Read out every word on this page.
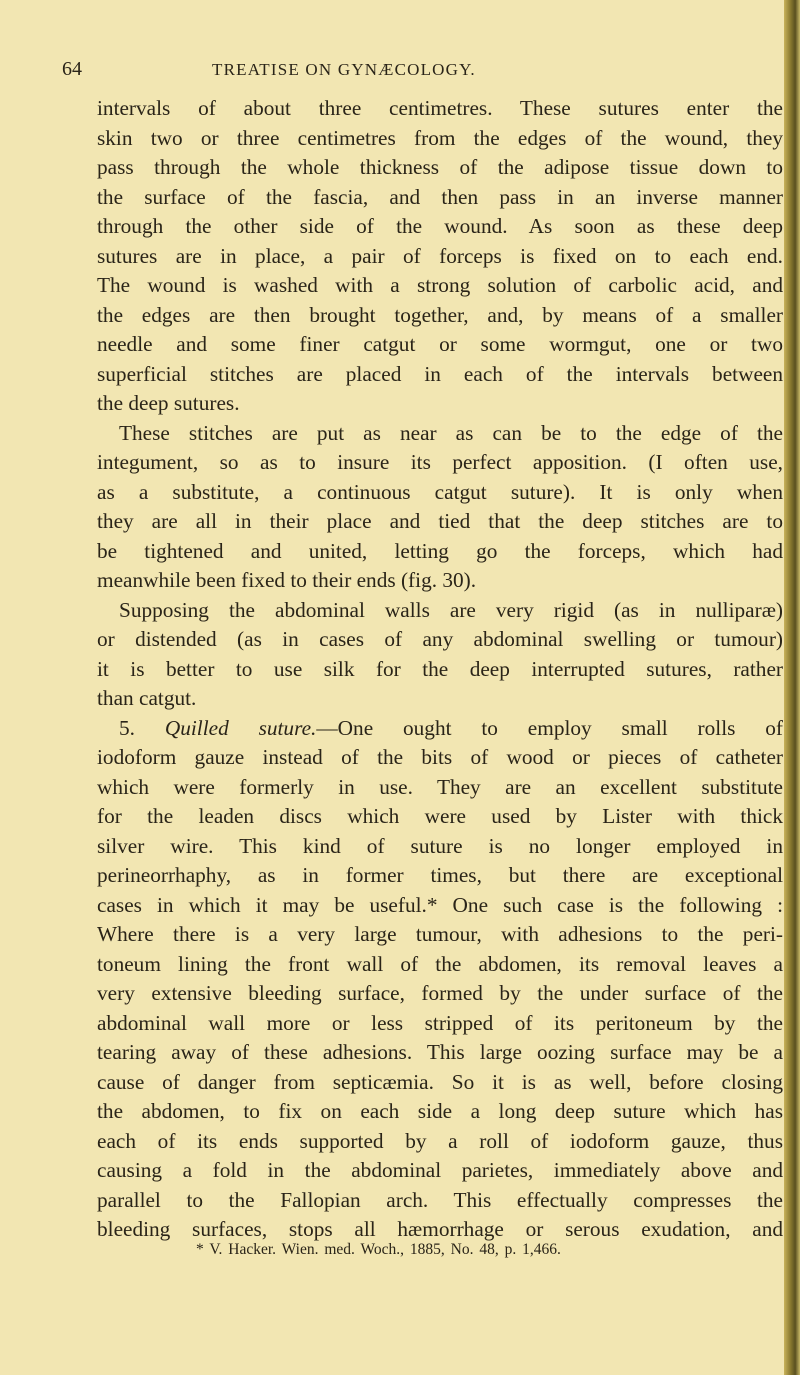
64	TREATISE ON GYNÆCOLOGY.
intervals of about three centimetres. These sutures enter the
skin two or three centimetres from the edges of the wound, they
pass through the whole thickness of the adipose tissue down to
the surface of the fascia, and then pass in an inverse manner
through the other side of the wound. As soon as these deep
sutures are in place, a pair of forceps is fixed on to each end.
The wound is washed with a strong solution of carbolic acid, and
the edges are then brought together, and, by means of a smaller
needle and some finer catgut or some wormgut, one or two
superficial stitches are placed in each of the intervals between
the deep sutures.
These stitches are put as near as can be to the edge of the
integument, so as to insure its perfect apposition. (I often use,
as a substitute, a continuous catgut suture). It is only when
they are all in their place and tied that the deep stitches are to
be tightened and united, letting go the forceps, which had
meanwhile been fixed to their ends (fig. 30).
Supposing the abdominal walls are very rigid (as in nulliparæ)
or distended (as in cases of any abdominal swelling or tumour)
it is better to use silk for the deep interrupted sutures, rather
than catgut.
5. Quilled suture.—One ought to employ small rolls of
iodoform gauze instead of the bits of wood or pieces of catheter
which were formerly in use. They are an excellent substitute
for the leaden discs which were used by Lister with thick
silver wire. This kind of suture is no longer employed in
perineorrhaphy, as in former times, but there are exceptional
cases in which it may be useful.* One such case is the following :
Where there is a very large tumour, with adhesions to the peri-
toneum lining the front wall of the abdomen, its removal leaves a
very extensive bleeding surface, formed by the under surface of the
abdominal wall more or less stripped of its peritoneum by the
tearing away of these adhesions. This large oozing surface may be a
cause of danger from septicæmia. So it is as well, before closing
the abdomen, to fix on each side a long deep suture which has
each of its ends supported by a roll of iodoform gauze, thus
causing a fold in the abdominal parietes, immediately above and
parallel to the Fallopian arch. This effectually compresses the
bleeding surfaces, stops all hæmorrhage or serous exudation, and
* V. Hacker. Wien. med. Woch., 1885, No. 48, p. 1,466.
